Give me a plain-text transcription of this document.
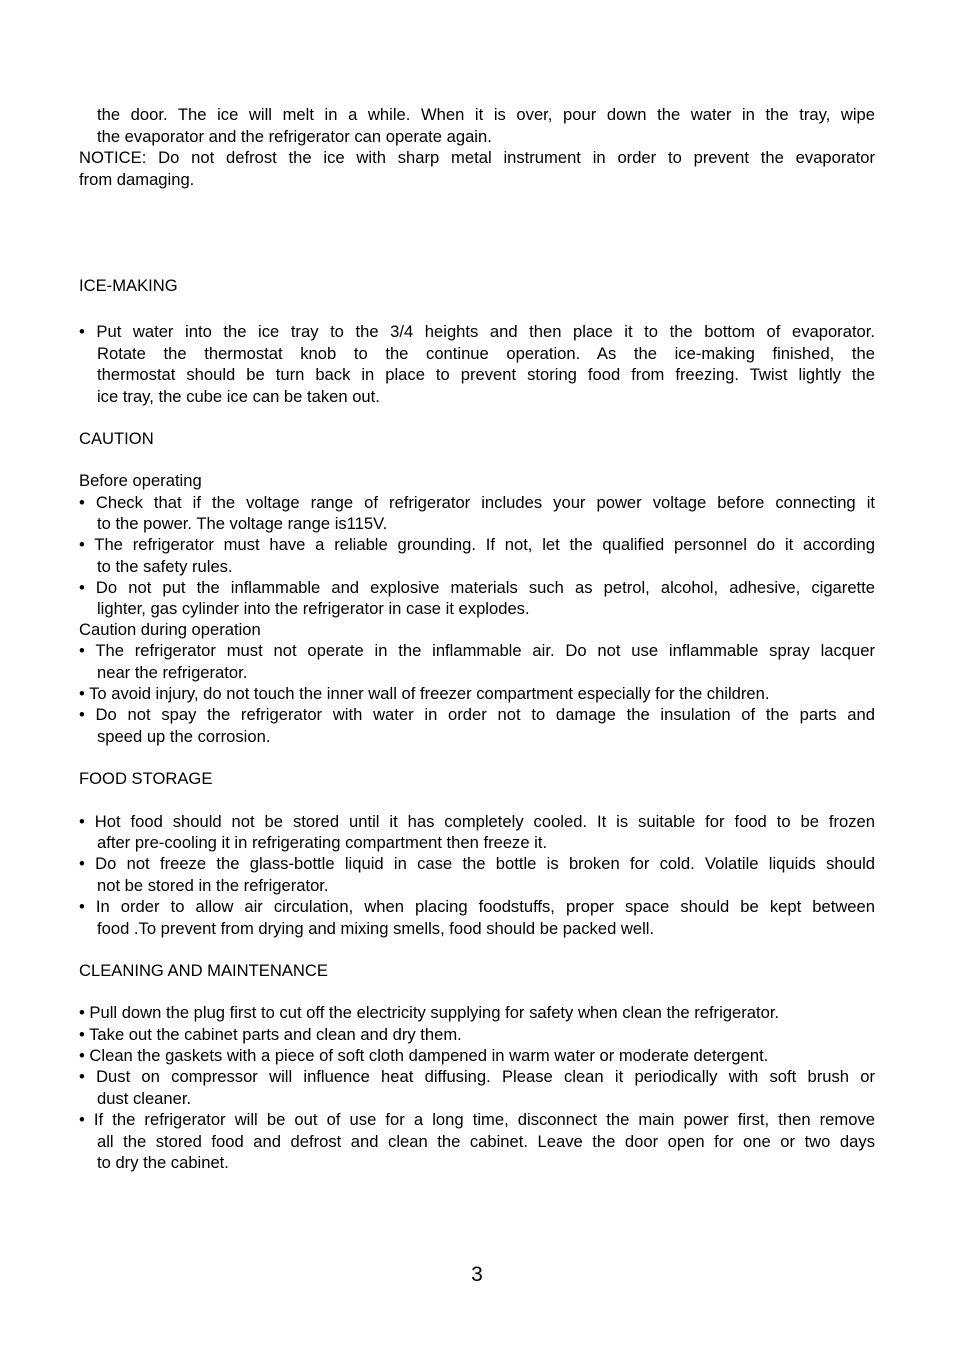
the door. The ice will melt in a while. When it is over, pour down the water in the tray, wipe
the evaporator and the refrigerator can operate again.
NOTICE: Do not defrost the ice with sharp metal instrument in order to prevent the evaporator
from damaging.
ICE-MAKING
• Put water into the ice tray to the 3/4 heights and then place it to the bottom of evaporator.
Rotate the thermostat knob to the continue operation. As the ice-making finished, the
thermostat should be turn back in place to prevent storing food from freezing. Twist lightly the
ice tray, the cube ice can be taken out.
CAUTION
Before operating
• Check that if the voltage range of refrigerator includes your power voltage before connecting it
to the power. The voltage range is115V.
• The refrigerator must have a reliable grounding. If not, let the qualified personnel do it according
to the safety rules.
• Do not put the inflammable and explosive materials such as petrol, alcohol, adhesive, cigarette
lighter, gas cylinder into the refrigerator in case it explodes.
Caution during operation
• The refrigerator must not operate in the inflammable air. Do not use inflammable spray lacquer
near the refrigerator.
• To avoid injury, do not touch the inner wall of freezer compartment especially for the children.
• Do not spay the refrigerator with water in order not to damage the insulation of the parts and
speed up the corrosion.
FOOD STORAGE
• Hot food should not be stored until it has completely cooled. It is suitable for food to be frozen
after pre-cooling it in refrigerating compartment then freeze it.
• Do not freeze the glass-bottle liquid in case the bottle is broken for cold. Volatile liquids should
not be stored in the refrigerator.
• In order to allow air circulation, when placing foodstuffs, proper space should be kept between
food .To prevent from drying and mixing smells, food should be packed well.
CLEANING AND MAINTENANCE
• Pull down the plug first to cut off the electricity supplying for safety when clean the refrigerator.
• Take out the cabinet parts and clean and dry them.
• Clean the gaskets with a piece of soft cloth dampened in warm water or moderate detergent.
• Dust on compressor will influence heat diffusing. Please clean it periodically with soft brush or
dust cleaner.
• If the refrigerator will be out of use for a long time, disconnect the main power first, then remove
all the stored food and defrost and clean the cabinet. Leave the door open for one or two days
to dry the cabinet.
3
